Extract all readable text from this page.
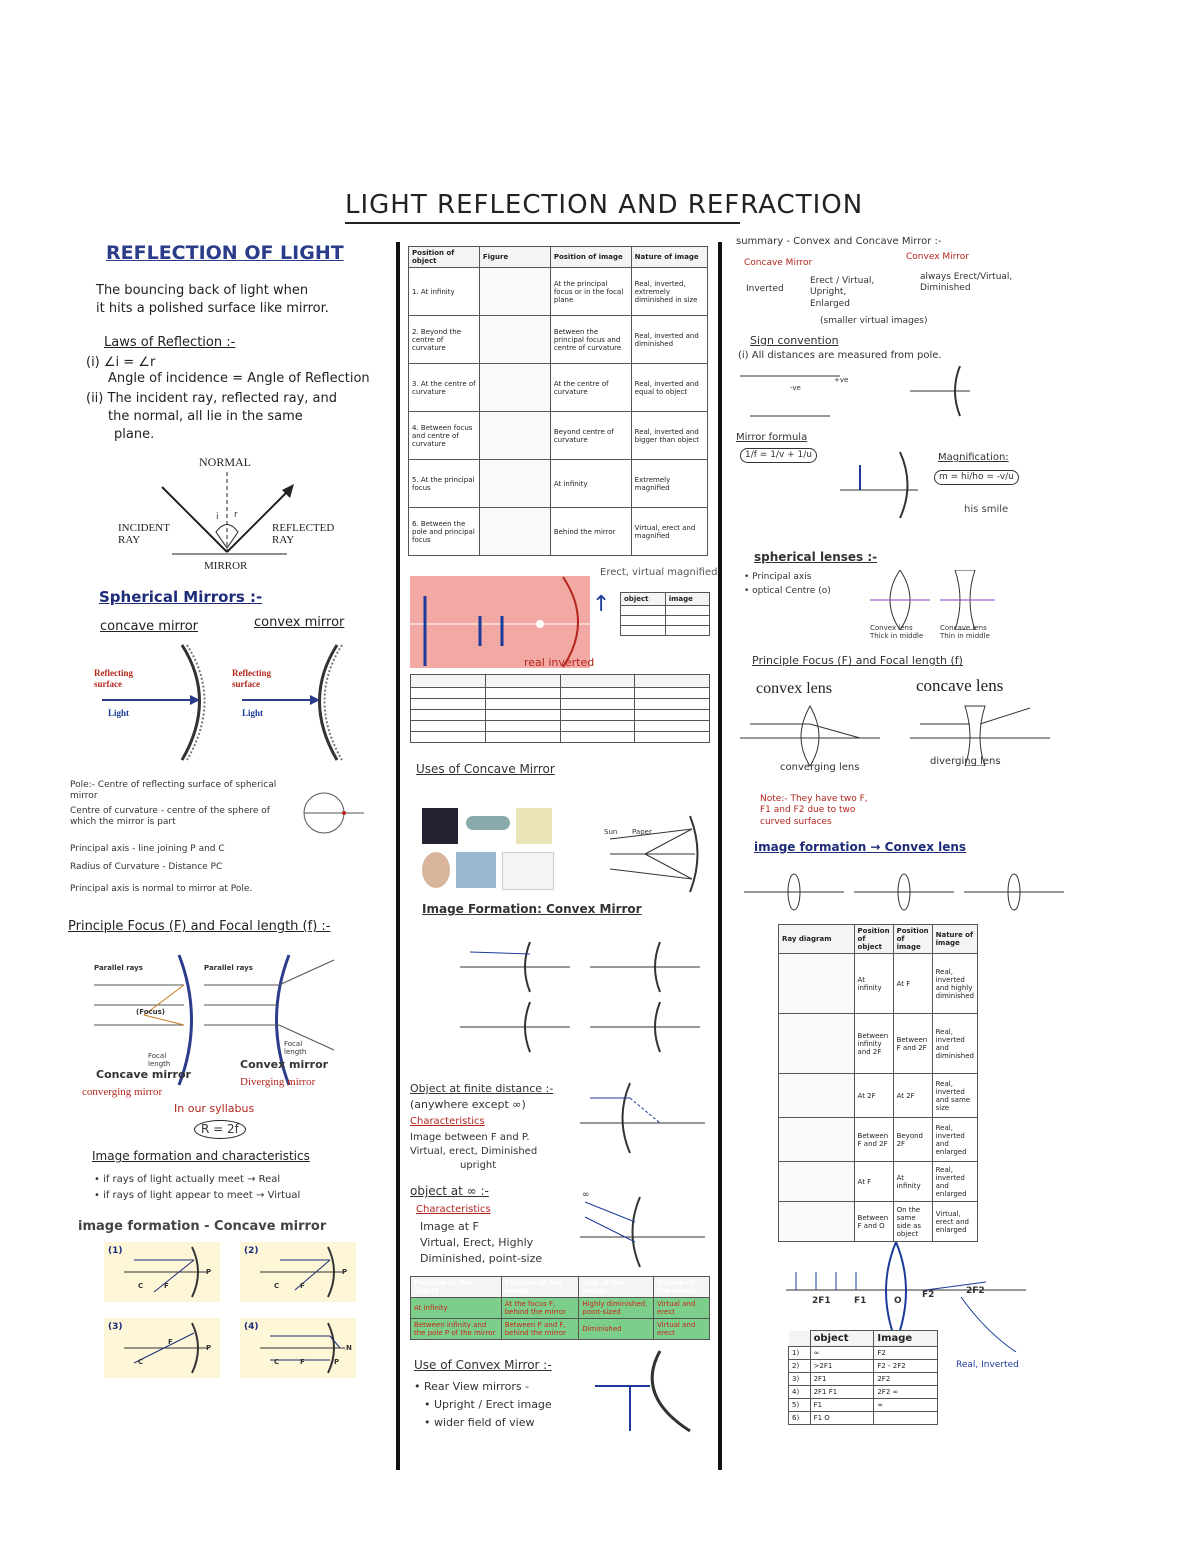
LIGHT REFLECTION AND REFRACTION
REFLECTION OF LIGHT
The bouncing back of light when
it hits a polished surface like mirror.
Laws of Reflection :-
(i) ∠i = ∠r
Angle of incidence = Angle of Reflection
(ii) The incident ray, reflected ray, and
the normal, all lie in the same
plane.
NORMAL
INCIDENT RAY
REFLECTED RAY
MIRROR
i r
Spherical Mirrors :-
concave mirror	convex mirror
Reflecting surface
Reflecting surface
Light	Light
Pole:- Centre of reflecting surface of spherical mirror
Centre of curvature - centre of the sphere of which the mirror is part
Principal axis - line joining P and C
Radius of Curvature - Distance PC
Principal axis is normal to mirror at Pole.
Principle Focus (F) and Focal length (f) :-
Parallel rays	Parallel rays
(Focus)
Focal length
Focal length
Concave mirror
Convex mirror
converging mirror
Diverging mirror
In our syllabus
R = 2f
Image formation and characteristics
• if rays of light actually meet → Real
• if rays of light appear to meet → Virtual
image formation - Concave mirror
(1)
C	F
P
(2)
C	F
P
(3)
C
F
P
(4)
C	F	P
N
Position of object	Figure	Position of image	Nature of image
1. At infinity		At the principal focus or in the focal plane	Real, inverted, extremely diminished in size
2. Beyond the centre of curvature		Between the principal focus and centre of curvature	Real, inverted and diminished
3. At the centre of curvature		At the centre of curvature	Real, inverted and equal to object
4. Between focus and centre of curvature		Beyond centre of curvature	Real, inverted and bigger than object
5. At the principal focus		At infinity	Extremely magnified
6. Between the pole and principal focus		Behind the mirror	Virtual, erect and magnified
Erect, virtual magnified
↑
real inverted
object	image

Uses of Concave Mirror
Sun Paper
Image Formation: Convex Mirror
Object at finite distance :-
(anywhere except ∞)
Characteristics
Image between F and P.
Virtual, erect, Diminished
upright
object at ∞ :-
Characteristics
Image at F
Virtual, Erect, Highly
Diminished, point-size
∞
Position of the object	Position of the image	Size of the image	Nature of the image
At infinity	At the focus F, behind the mirror	Highly diminished, point-sized	Virtual and erect
Between infinity and the pole P of the mirror	Between P and F, behind the mirror	Diminished	Virtual and erect
Use of Convex Mirror :-
• Rear View mirrors -
• Upright / Erect image
• wider field of view
summary - Convex and Concave Mirror :-
Concave Mirror
Convex Mirror
Inverted
Erect / Virtual, Upright, Enlarged
always Erect/Virtual, Diminished
(smaller virtual images)
Sign convention
(i) All distances are measured from pole.
-ve
+ve
Mirror formula
1/f = 1/v + 1/u	Magnification:
m = hi/ho = -v/u
his smile
spherical lenses :-
• Principal axis
• optical Centre (o)
Convex lens Thick in middle
Concave lens Thin in middle
Principle Focus (F) and Focal length (f)
convex lens	concave lens
converging lens
diverging lens
Note:- They have two F, F1 and F2 due to two curved surfaces
image formation → Convex lens
Ray diagram	Position of object	Position of image	Nature of image
	At infinity	At F	Real, inverted and highly diminished
	Between infinity and 2F	Between F and 2F	Real, inverted and diminished
	At 2F	At 2F	Real, inverted and same size
	Between F and 2F	Beyond 2F	Real, inverted and enlarged
	At F	At infinity	Real, inverted and enlarged
	Between F and O	On the same side as object	Virtual, erect and enlarged
2F1	F1	O
F2	2F2
Real, Inverted
	object	Image
1)	∞	F2
2)	>2F1	F2 - 2F2
3)	2F1	2F2
4)	2F1 F1	2F2 ∞
5)	F1	∞
6)	F1 O	
